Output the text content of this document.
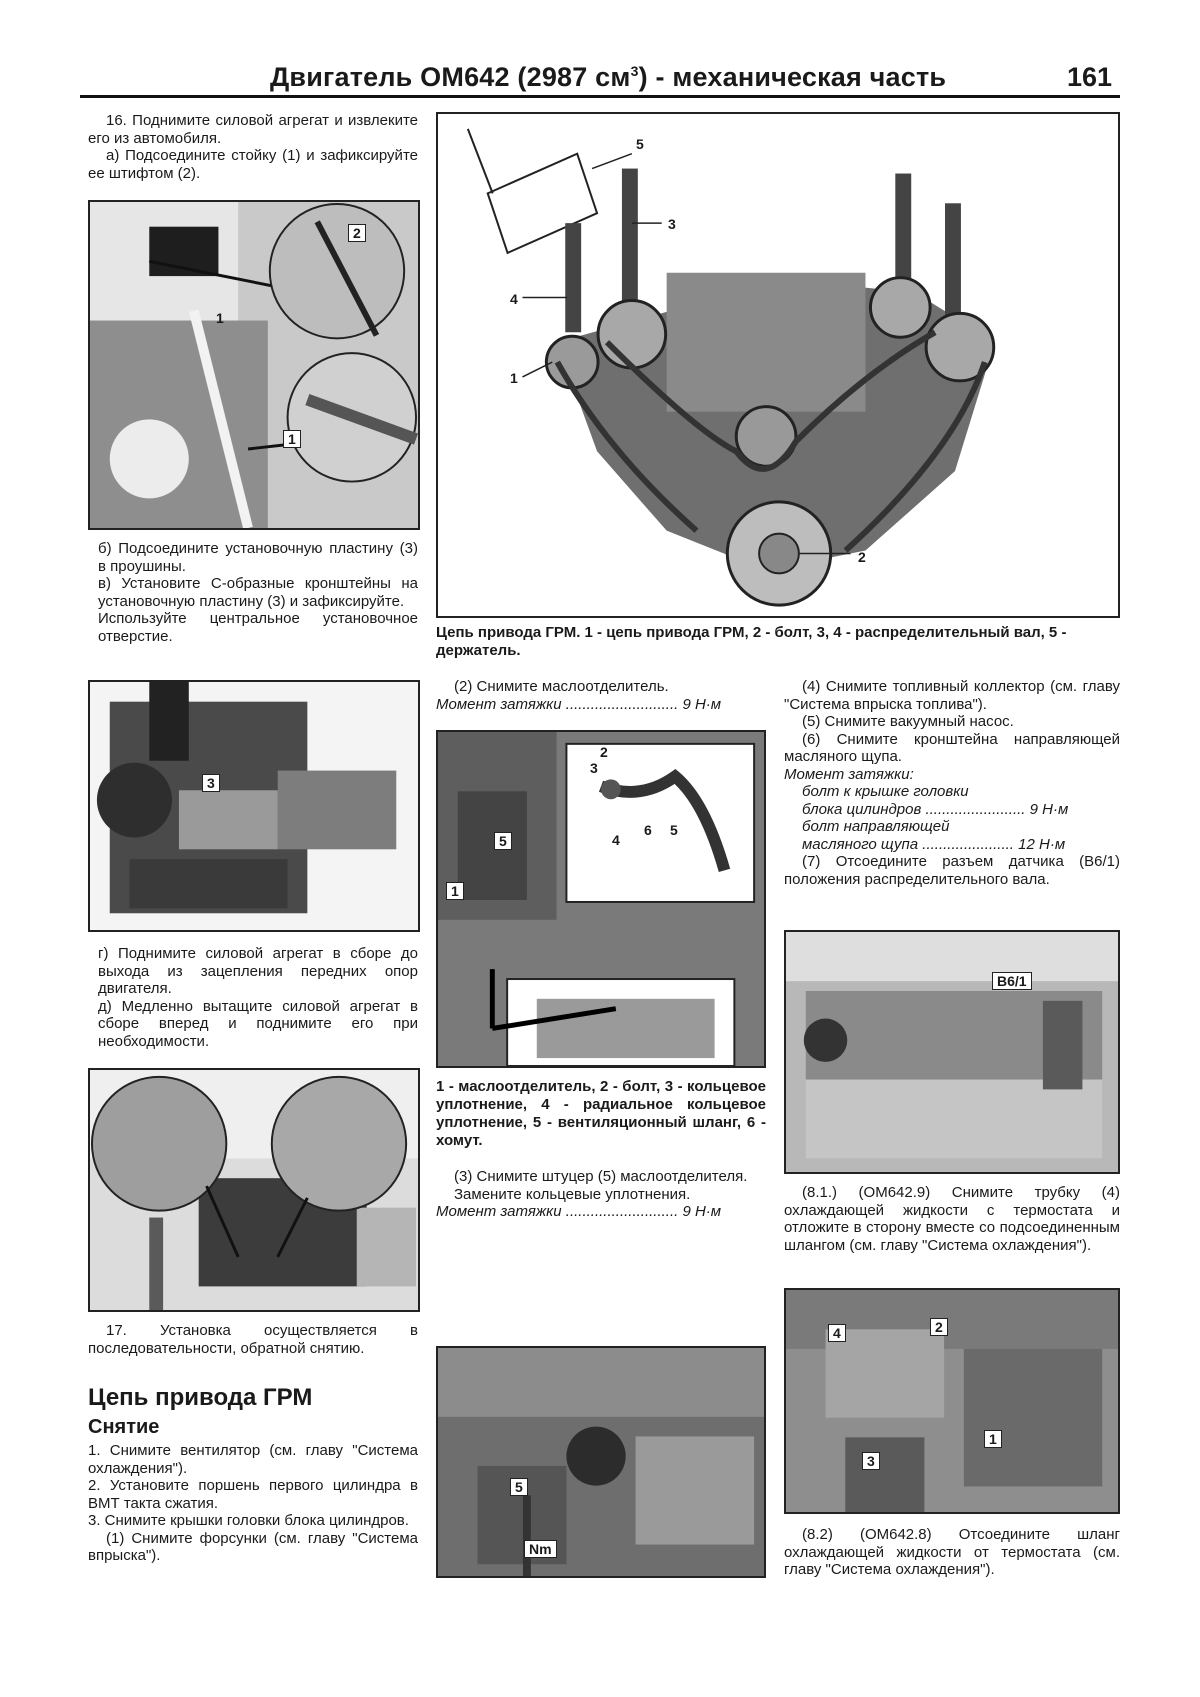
Двигатель OM642 (2987 $см^3$) - механическая часть	161

16. Поднимите силовой агрегат и извлеките его из автомобиля.

а) Подсоедините стойку (1) и зафиксируйте ее штифтом (2).

2
1
1

б) Подсоедините установочную пластину (3) в проушины.

в) Установите С-образные кронштейны на установочную пластину (3) и зафиксируйте.

Используйте центральное установочное отверстие.

3

г) Поднимите силовой агрегат в сборе до выхода из зацепления передних опор двигателя.

д) Медленно вытащите силовой агрегат в сборе вперед и поднимите его при необходимости.

17. Установка осуществляется в последовательности, обратной снятию.

Цепь привода ГРМ
Снятие

1. Снимите вентилятор (см. главу "Система охлаждения").

2. Установите поршень первого цилиндра в ВМТ такта сжатия.

3. Снимите крышки головки блока цилиндров.

(1) Снимите форсунки (см. главу "Система впрыска").

5
3
4
1
2
Цепь привода ГРМ. 1 - цепь привода ГРМ, 2 - болт, 3, 4 - распределительный вал, 5 - держатель.

(2) Снимите маслоотделитель.

Момент затяжки ........................... 9 Н·м

2
3
4
6 5
5
1
1 - маслоотделитель, 2 - болт, 3 - кольцевое уплотнение, 4 - радиальное кольцевое уплотнение, 5 - вентиляционный шланг, 6 - хомут.

(3) Снимите штуцер (5) маслоотделителя.

Замените кольцевые уплотнения.

Момент затяжки ........................... 9 Н·м

5
Nm

(4) Снимите топливный коллектор (см. главу "Система впрыска топлива").

(5) Снимите вакуумный насос.

(6) Снимите кронштейна направляющей масляного щупа.

Момент затяжки:

болт к крышке головки

блока цилиндров ........................ 9 Н·м

болт направляющей

масляного щупа ...................... 12 Н·м

(7) Отсоедините разъем датчика (В6/1) положения распределительного вала.

В6/1

(8.1.) (ОМ642.9) Снимите трубку (4) охлаждающей жидкости с термостата и отложите в сторону вместе со подсоединенным шлангом (см. главу "Система охлаждения").

4	2
1
3

(8.2) (ОМ642.8) Отсоедините шланг охлаждающей жидкости от термостата (см. главу "Система охлаждения").
